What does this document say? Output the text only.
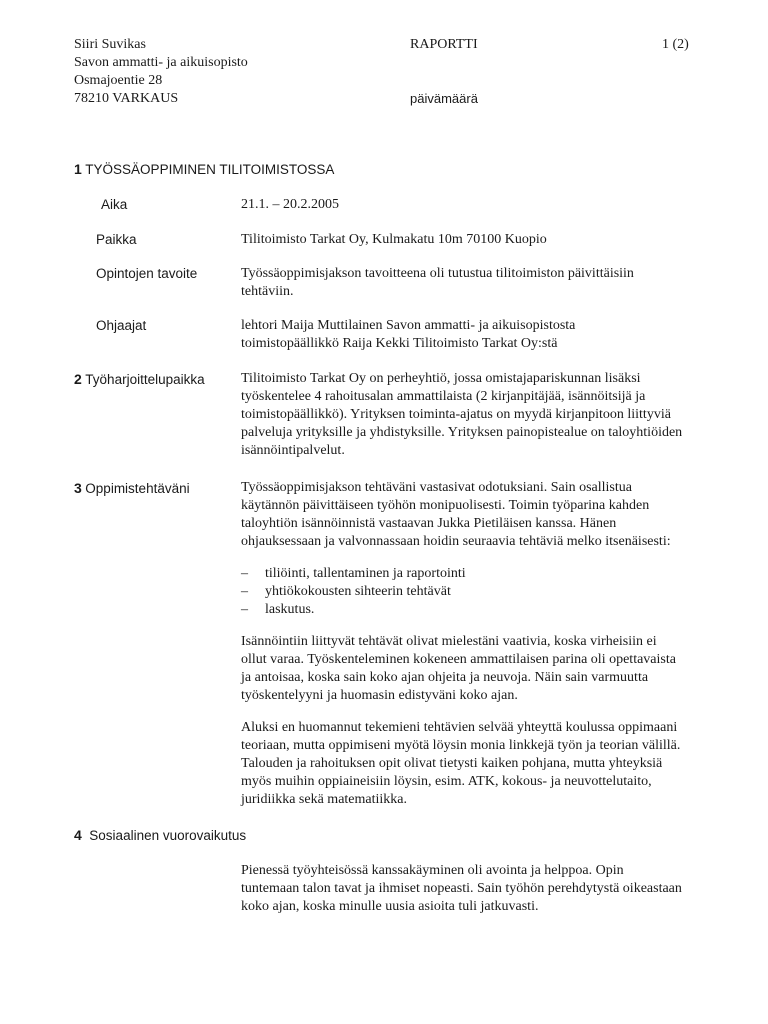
Siiri Suvikas
Savon ammatti- ja aikuisopisto
Osmajoentie 28
78210 VARKAUS
RAPORTTI	1 (2)
päivämäärä
1 TYÖSSÄOPPIMINEN TILITOIMISTOSSA
Aika	21.1. – 20.2.2005
Paikka	Tilitoimisto Tarkat Oy, Kulmakatu 10m 70100 Kuopio
Opintojen tavoite	Työssäoppimisjakson tavoitteena oli tutustua tilitoimiston päivittäisiin
tehtäviin.
Ohjaajat	lehtori Maija Muttilainen Savon ammatti- ja aikuisopistosta
toimistopäällikkö Raija Kekki Tilitoimisto Tarkat Oy:stä
2 Työharjoittelupaikka	Tilitoimisto Tarkat Oy on perheyhtiö, jossa omistajapariskunnan lisäksi
työskentelee 4 rahoitusalan ammattilaista (2 kirjanpitäjää, isännöitsijä ja
toimistopäällikkö). Yrityksen toiminta-ajatus on myydä kirjanpitoon liittyviä
palveluja yrityksille ja yhdistyksille. Yrityksen painopistealue on taloyhtiöiden
isännöintipalvelut.
3 Oppimistehtäväni	Työssäoppimisjakson tehtäväni vastasivat odotuksiani. Sain osallistua
käytännön päivittäiseen työhön monipuolisesti. Toimin työparina kahden
taloyhtiön isännöinnistä vastaavan Jukka Pietiläisen kanssa. Hänen
ohjauksessaan ja valvonnassaan hoidin seuraavia tehtäviä melko itsenäisesti:
– tiliöinti, tallentaminen ja raportointi
– yhtiökokousten sihteerin tehtävät
– laskutus.
Isännöintiin liittyvät tehtävät olivat mielestäni vaativia, koska virheisiin ei
ollut varaa. Työskenteleminen kokeneen ammattilaisen parina oli opettavaista
ja antoisaa, koska sain koko ajan ohjeita ja neuvoja. Näin sain varmuutta
työskentelyyni ja huomasin edistyväni koko ajan.
Aluksi en huomannut tekemieni tehtävien selvää yhteyttä koulussa oppimaani
teoriaan, mutta oppimiseni myötä löysin monia linkkejä työn ja teorian välillä.
Talouden ja rahoituksen opit olivat tietysti kaiken pohjana, mutta yhteyksiä
myös muihin oppiaineisiin löysin, esim. ATK, kokous- ja neuvottelutaito,
juridiikka sekä matematiikka.
4 Sosiaalinen vuorovaikutus
Pienessä työyhteisössä kanssakäyminen oli avointa ja helppoa. Opin
tuntemaan talon tavat ja ihmiset nopeasti. Sain työhön perehdytystä oikeastaan
koko ajan, koska minulle uusia asioita tuli jatkuvasti.
